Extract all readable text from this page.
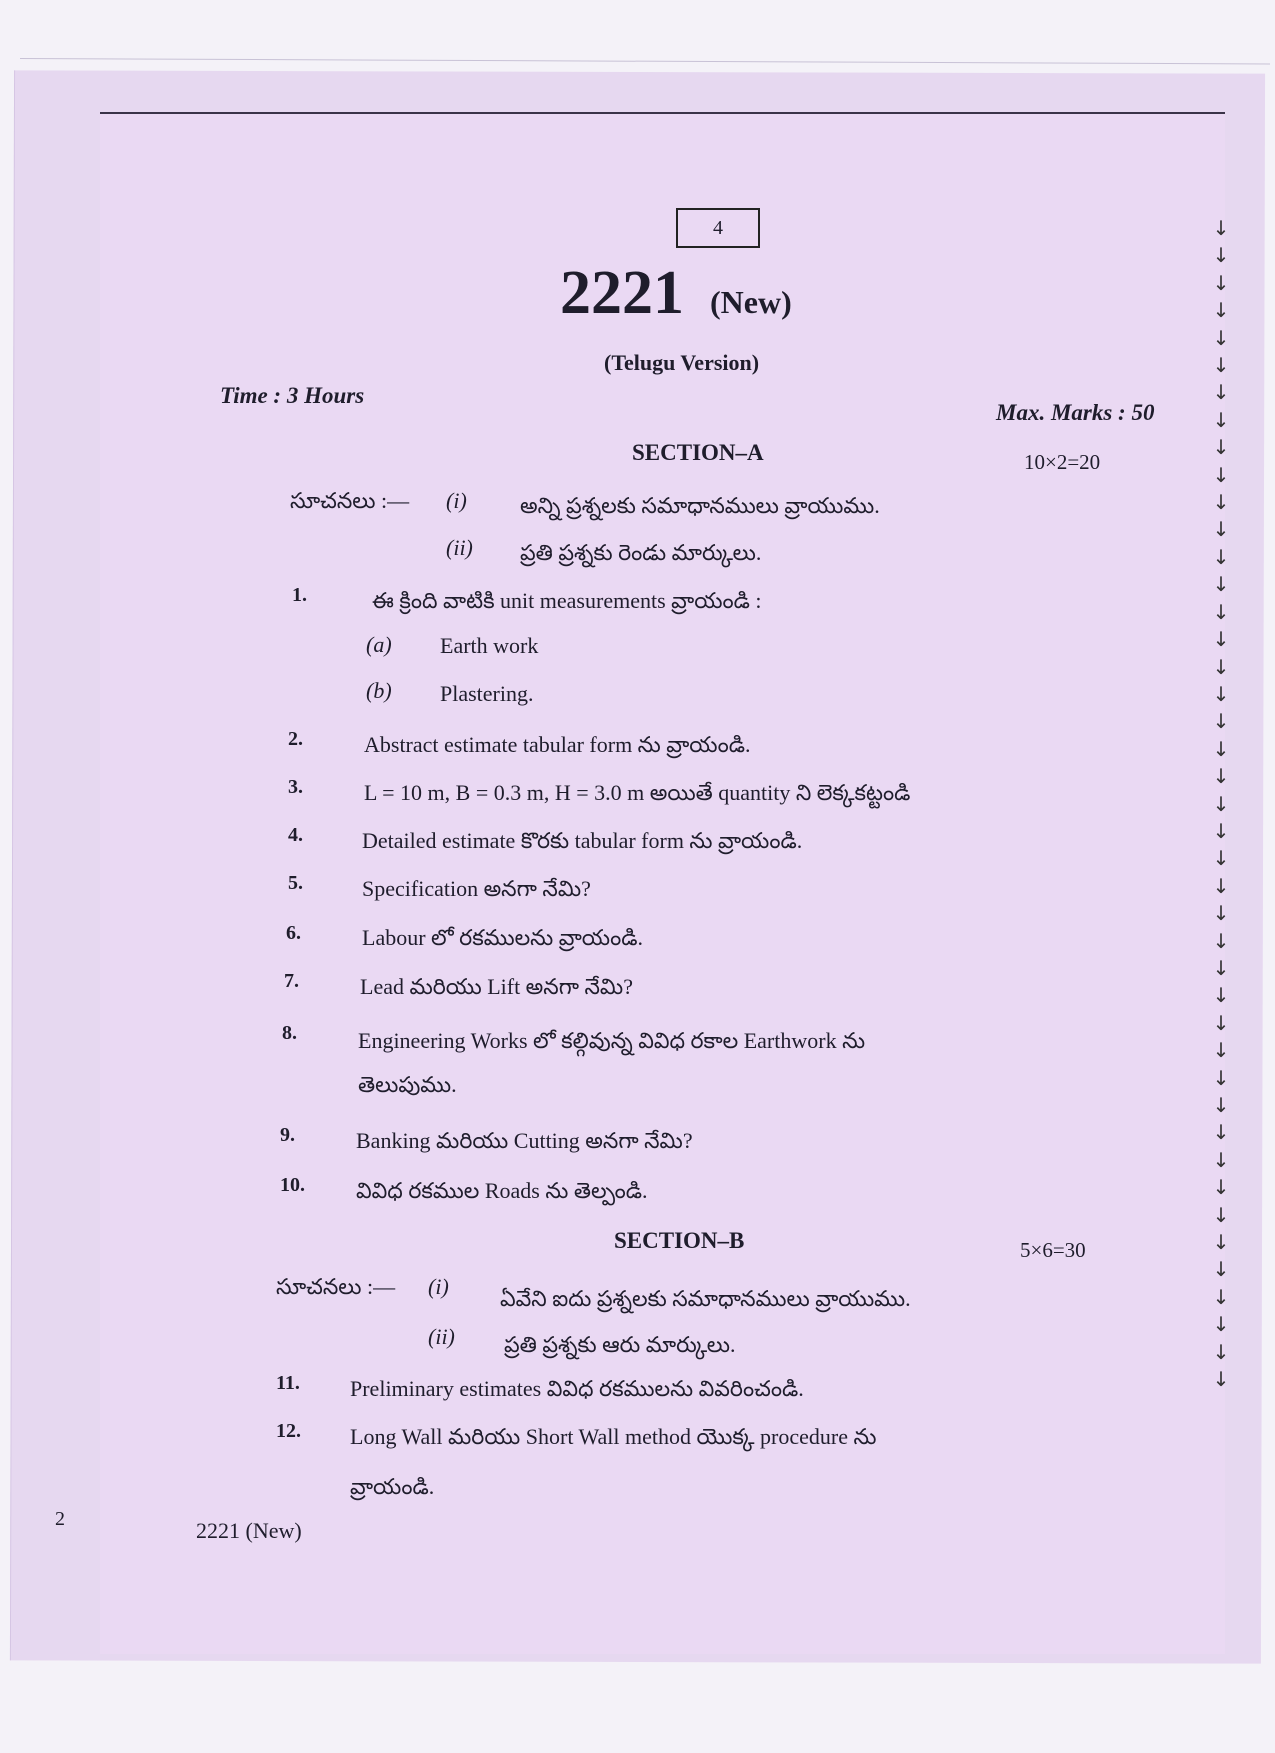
4
2221 (New)
(Telugu Version)
Time : 3 Hours
Max. Marks : 50
SECTION–A	10×2=20
సూచనలు :— (i) అన్ని ప్రశ్నలకు సమాధానములు వ్రాయుము.
(ii) ప్రతి ప్రశ్నకు రెండు మార్కులు.
1.	ఈ క్రింది వాటికి unit measurements వ్రాయండి :
(a) Earth work
(b) Plastering.
2.	Abstract estimate tabular form ను వ్రాయండి.
3.	L = 10 m, B = 0.3 m, H = 3.0 m అయితే quantity ని లెక్కకట్టండి
4.	Detailed estimate కొరకు tabular form ను వ్రాయండి.
5.	Specification అనగా నేమి?
6.	Labour లో రకములను వ్రాయండి.
7.	Lead మరియు Lift అనగా నేమి?
8.	Engineering Works లో కల్గివున్న వివిధ రకాల Earthwork ను
తెలుపుము.
9.	Banking మరియు Cutting అనగా నేమి?
10. వివిధ రకముల Roads ను తెల్పండి.
SECTION–B	5×6=30
సూచనలు :— (i) ఏవేని ఐదు ప్రశ్నలకు సమాధానములు వ్రాయుము.
(ii) ప్రతి ప్రశ్నకు ఆరు మార్కులు.
11. Preliminary estimates వివిధ రకములను వివరించండి.
12. Long Wall మరియు Short Wall method యొక్క procedure ను
వ్రాయండి.
↓
↓
↓
↓
↓
↓
↓
↓
↓
↓
↓
↓
↓
↓
↓
↓
↓
↓
↓
↓
↓
↓
↓
↓
↓
↓
↓
↓
↓
↓
↓
↓
↓
↓
↓
↓
↓
↓
↓
↓
↓
↓
↓
2	2221 (New)
